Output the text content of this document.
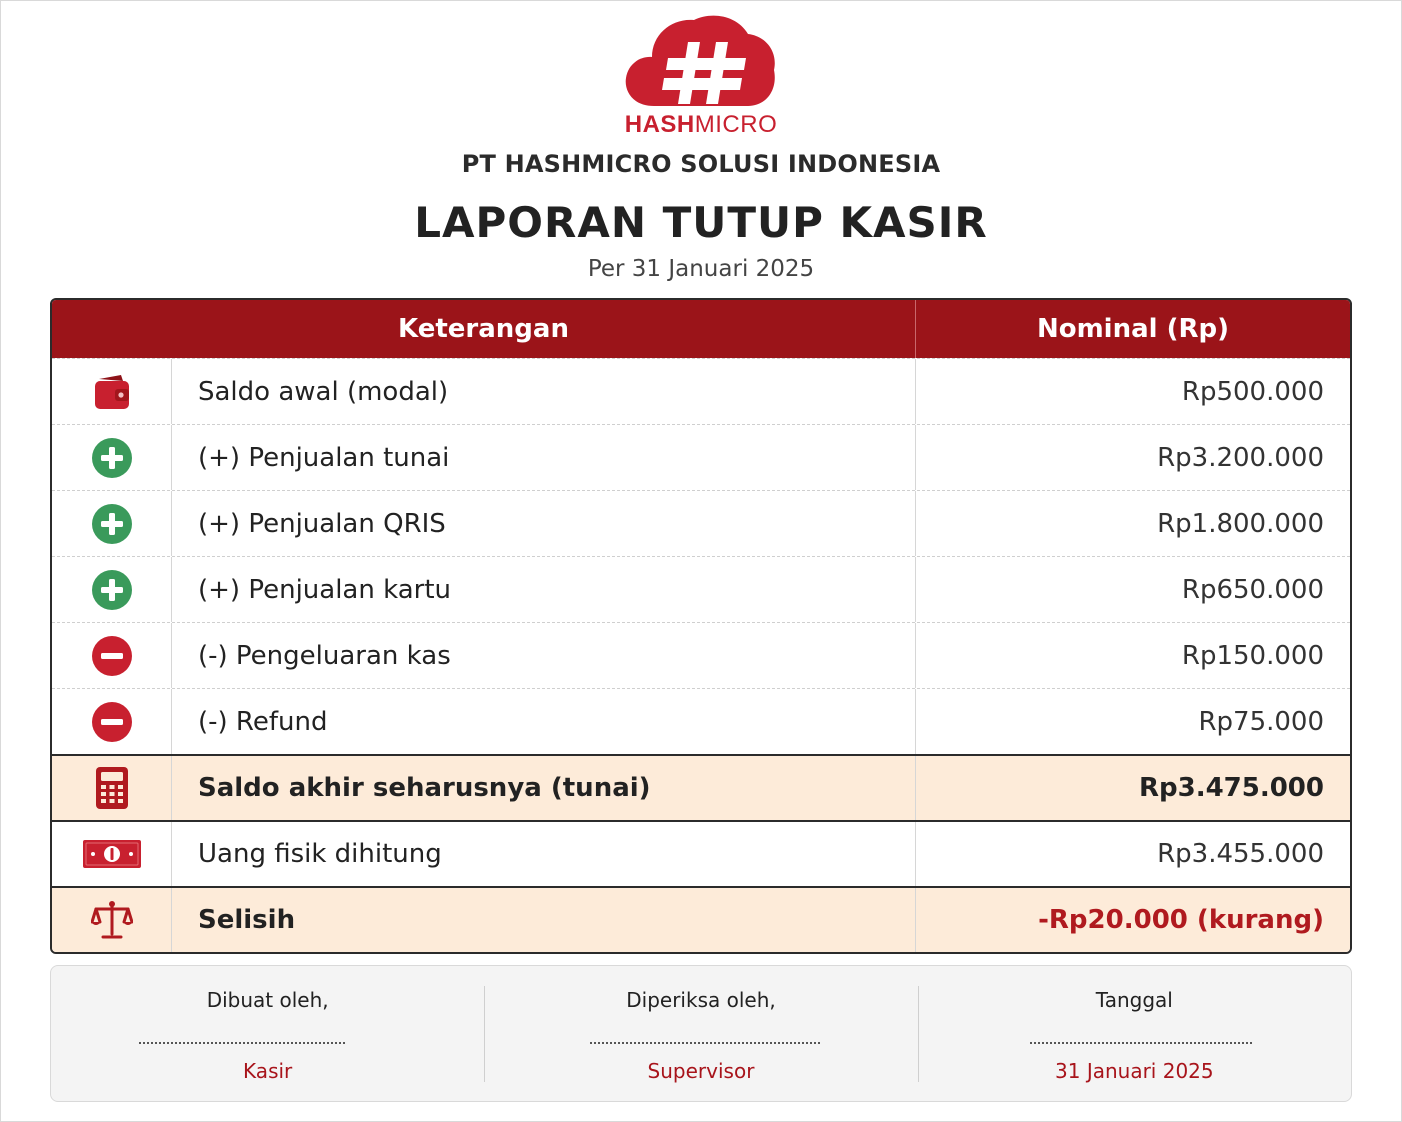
HASHMICRO
PT HASHMICRO SOLUSI INDONESIA
LAPORAN TUTUP KASIR
Per 31 Januari 2025
Keterangan	Nominal (Rp)
Saldo awal (modal)	Rp500.000
(+) Penjualan tunai	Rp3.200.000
(+) Penjualan QRIS	Rp1.800.000
(+) Penjualan kartu	Rp650.000
(-) Pengeluaran kas	Rp150.000
(-) Refund	Rp75.000
Saldo akhir seharusnya (tunai)	Rp3.475.000
Uang fisik dihitung	Rp3.455.000
Selisih	-Rp20.000 (kurang)
Dibuat oleh,
Kasir
Diperiksa oleh,
Supervisor
Tanggal
31 Januari 2025
